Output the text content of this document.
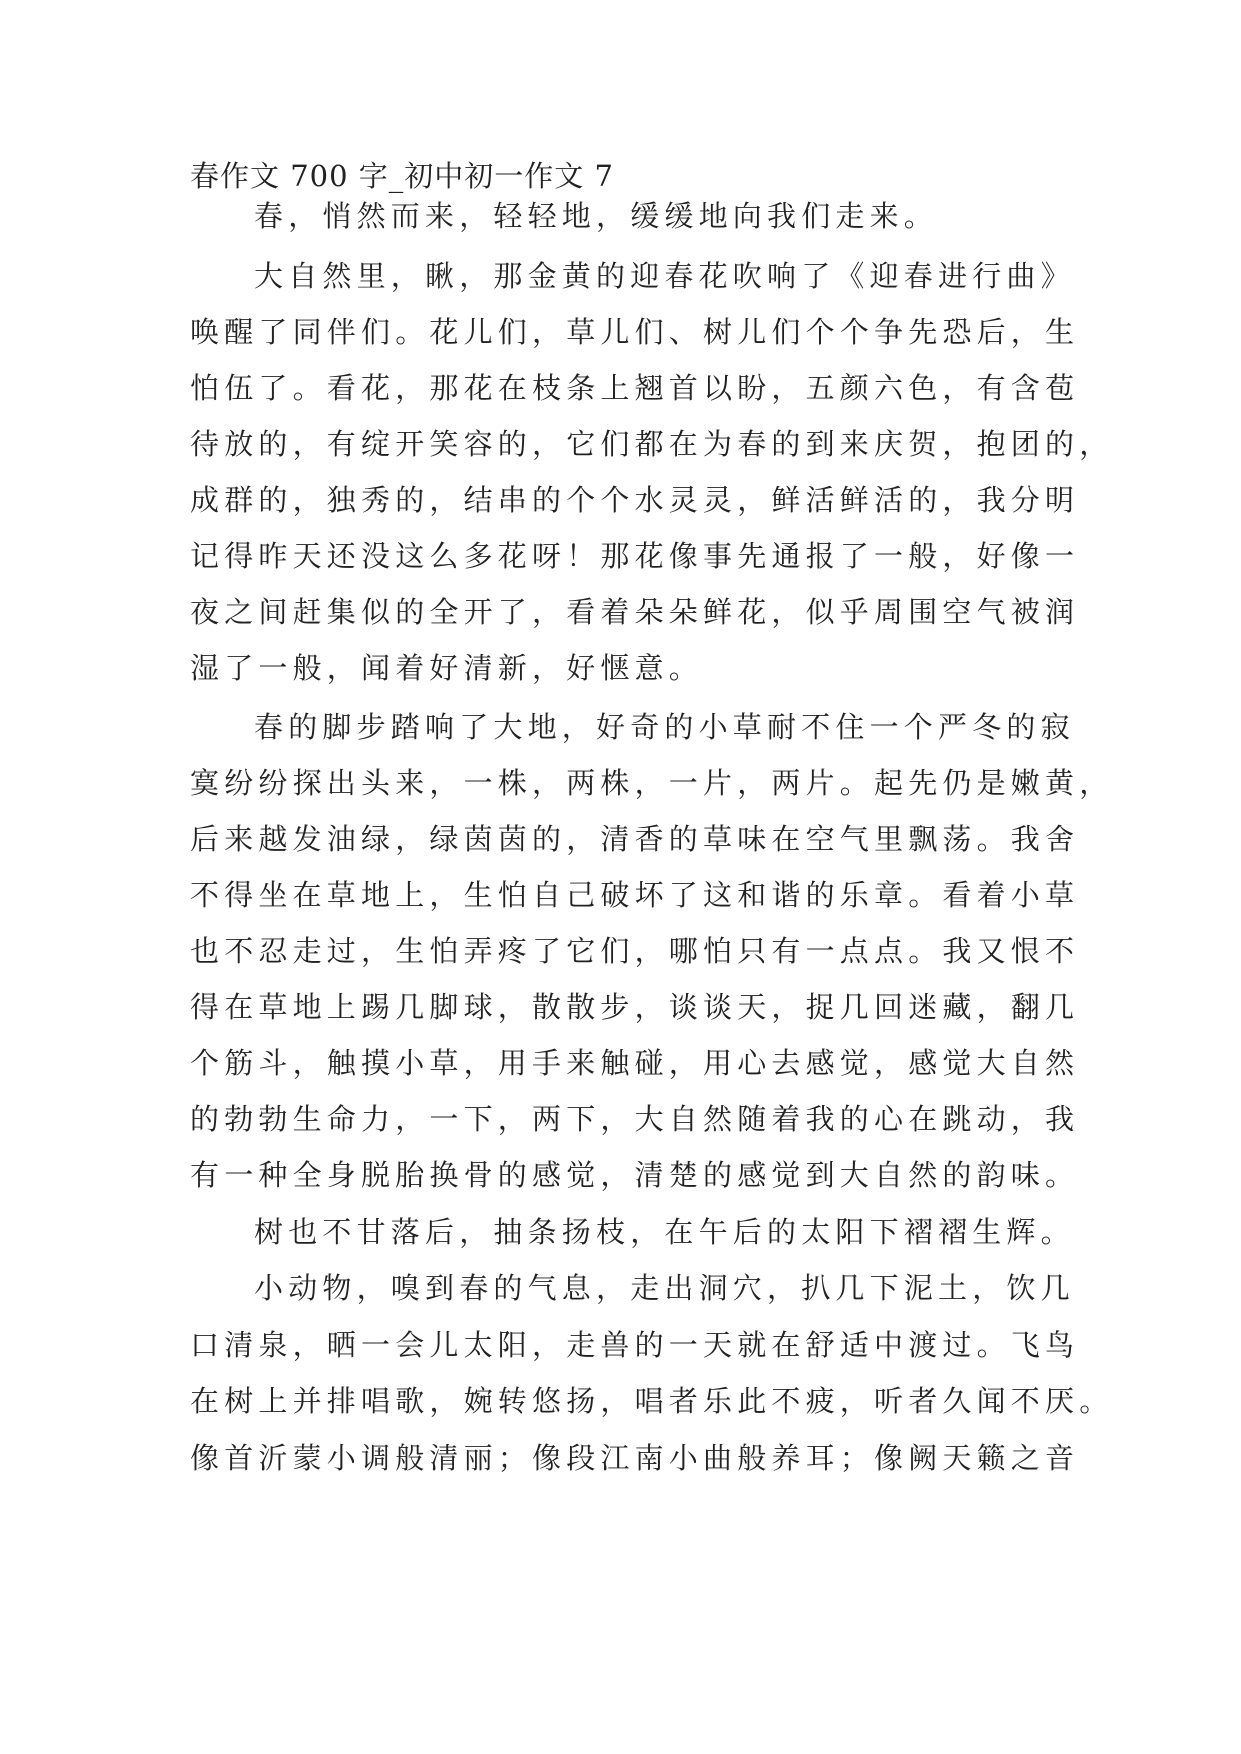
春作文 700 字_初中初一作文 7
春，悄然而来，轻轻地，缓缓地向我们走来。
大自然里，瞅，那金黄的迎春花吹响了《迎春进行曲》
唤醒了同伴们。花儿们，草儿们、树儿们个个争先恐后，生
怕伍了。看花，那花在枝条上翘首以盼，五颜六色，有含苞
待放的，有绽开笑容的，它们都在为春的到来庆贺，抱团的，
成群的，独秀的，结串的个个水灵灵，鲜活鲜活的，我分明
记得昨天还没这么多花呀！那花像事先通报了一般，好像一
夜之间赶集似的全开了，看着朵朵鲜花，似乎周围空气被润
湿了一般，闻着好清新，好惬意。
春的脚步踏响了大地，好奇的小草耐不住一个严冬的寂
寞纷纷探出头来，一株，两株，一片，两片。起先仍是嫩黄，
后来越发油绿，绿茵茵的，清香的草味在空气里飘荡。我舍
不得坐在草地上，生怕自己破坏了这和谐的乐章。看着小草
也不忍走过，生怕弄疼了它们，哪怕只有一点点。我又恨不
得在草地上踢几脚球，散散步，谈谈天，捉几回迷藏，翻几
个筋斗，触摸小草，用手来触碰，用心去感觉，感觉大自然
的勃勃生命力，一下，两下，大自然随着我的心在跳动，我
有一种全身脱胎换骨的感觉，清楚的感觉到大自然的韵味。
树也不甘落后，抽条扬枝，在午后的太阳下褶褶生辉。
小动物，嗅到春的气息，走出洞穴，扒几下泥土，饮几
口清泉，晒一会儿太阳，走兽的一天就在舒适中渡过。飞鸟
在树上并排唱歌，婉转悠扬，唱者乐此不疲，听者久闻不厌。
像首沂蒙小调般清丽；像段江南小曲般养耳；像阙天籁之音
